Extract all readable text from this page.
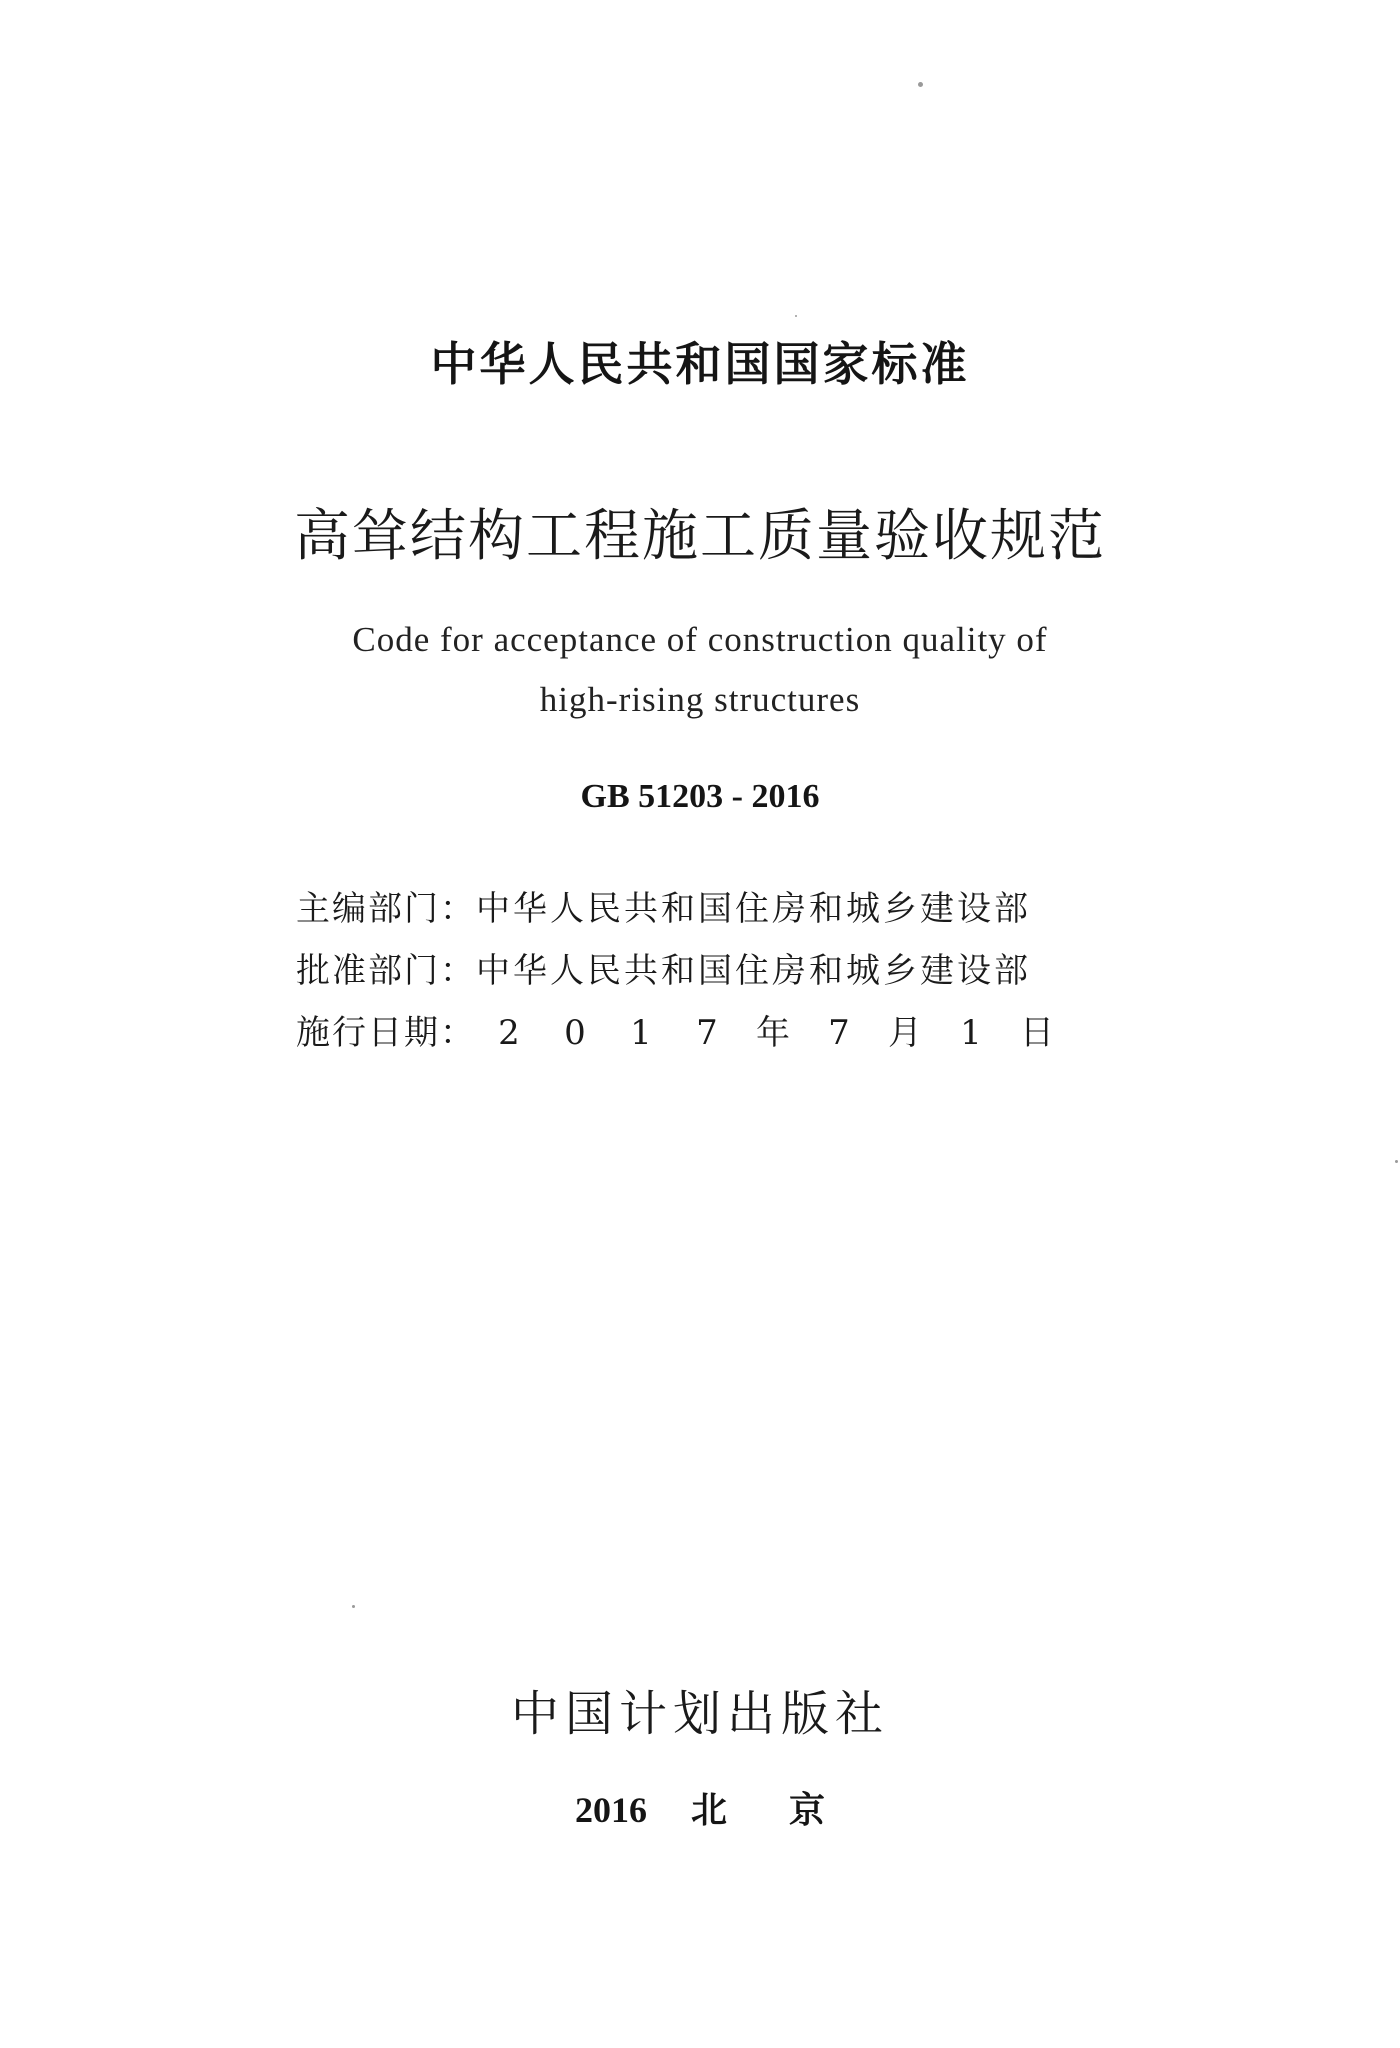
中华人民共和国国家标准
高耸结构工程施工质量验收规范
Code for acceptance of construction quality of
high-rising structures
GB 51203 - 2016
主编部门： 中华人民共和国住房和城乡建设部
批准部门： 中华人民共和国住房和城乡建设部
施行日期： 2	0	1	7	年	7	月	1	日
中国计划出版社
2016 北京
